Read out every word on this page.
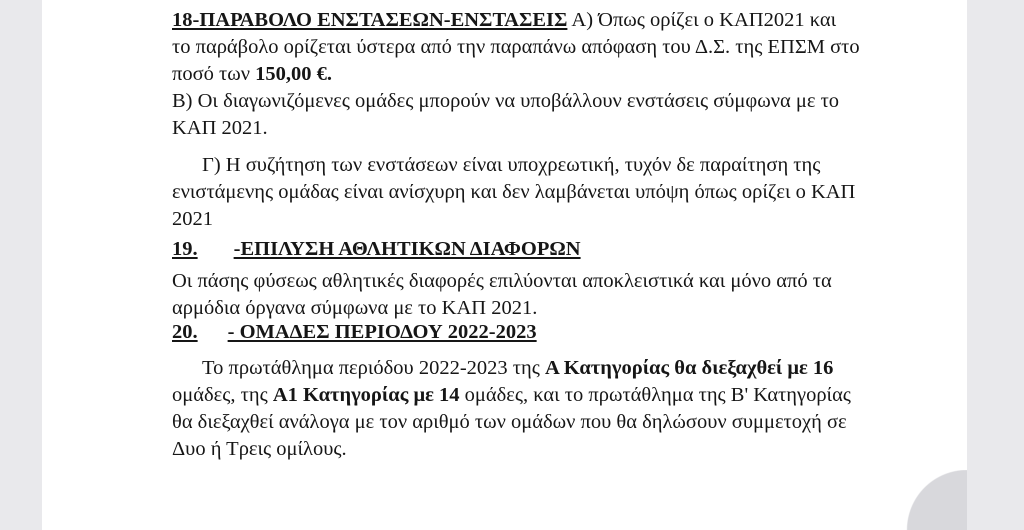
18-ΠΑΡΑΒΟΛΟ ΕΝΣΤΑΣΕΩΝ-ΕΝΣΤΑΣΕΙΣ Α) Όπως ορίζει ο ΚΑΠ2021 και
το παράβολο ορίζεται ύστερα από την παραπάνω απόφαση του Δ.Σ. της ΕΠΣΜ στο
ποσό των 150,00 €.
Β) Οι διαγωνιζόμενες ομάδες μπορούν να υποβάλλουν ενστάσεις σύμφωνα με το
ΚΑΠ 2021.
Γ) Η συζήτηση των ενστάσεων είναι υποχρεωτική, τυχόν δε παραίτηση της
ενιστάμενης ομάδας είναι ανίσχυρη και δεν λαμβάνεται υπόψη όπως ορίζει ο ΚΑΠ
2021
19. -ΕΠΙΛΥΣΗ ΑΘΛΗΤΙΚΩΝ ΔΙΑΦΟΡΩΝ
Οι πάσης φύσεως αθλητικές διαφορές επιλύονται αποκλειστικά και μόνο από τα
αρμόδια όργανα σύμφωνα με το ΚΑΠ 2021.
20. - ΟΜΑΔΕΣ ΠΕΡΙΟΔΟΥ 2022-2023
Το πρωτάθλημα περιόδου 2022-2023 της Α Κατηγορίας θα διεξαχθεί με 16
ομάδες, της Α1 Κατηγορίας με 14 ομάδες, και το πρωτάθλημα της Β' Κατηγορίας
θα διεξαχθεί ανάλογα με τον αριθμό των ομάδων που θα δηλώσουν συμμετοχή σε
Δυο ή Τρεις ομίλους.
